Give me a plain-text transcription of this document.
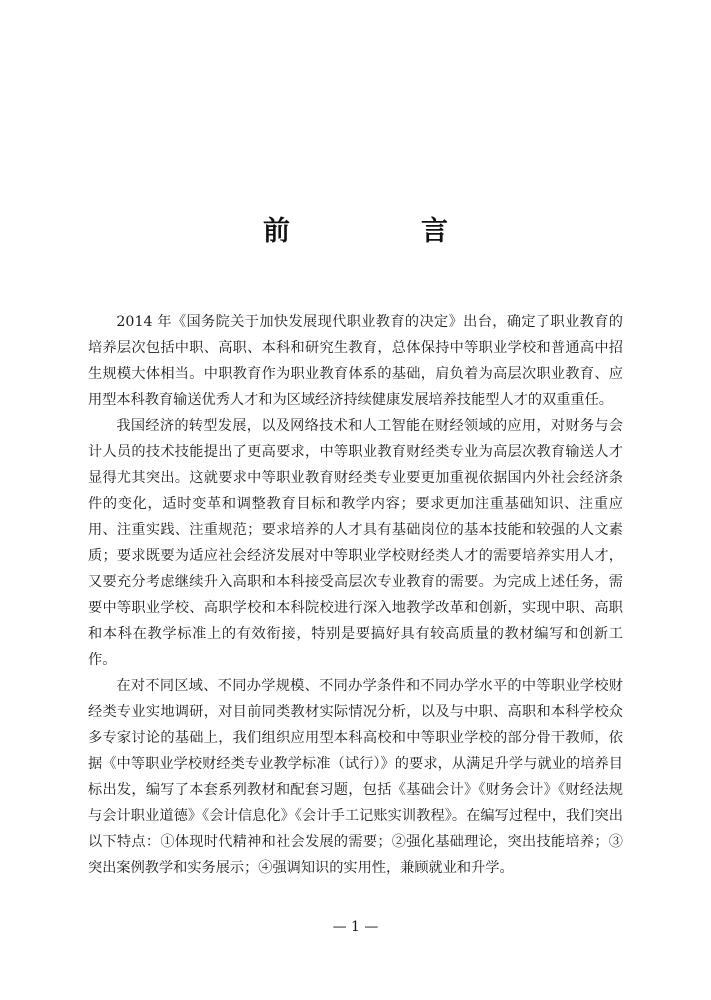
前　言

2014 年《国务院关于加快发展现代职业教育的决定》出台，确定了职业教育的培养层次包括中职、高职、本科和研究生教育，总体保持中等职业学校和普通高中招生规模大体相当。中职教育作为职业教育体系的基础，肩负着为高层次职业教育、应用型本科教育输送优秀人才和为区域经济持续健康发展培养技能型人才的双重重任。

我国经济的转型发展，以及网络技术和人工智能在财经领域的应用，对财务与会计人员的技术技能提出了更高要求，中等职业教育财经类专业为高层次教育输送人才显得尤其突出。这就要求中等职业教育财经类专业要更加重视依据国内外社会经济条件的变化，适时变革和调整教育目标和教学内容；要求更加注重基础知识、注重应用、注重实践、注重规范；要求培养的人才具有基础岗位的基本技能和较强的人文素质；要求既要为适应社会经济发展对中等职业学校财经类人才的需要培养实用人才，又要充分考虑继续升入高职和本科接受高层次专业教育的需要。为完成上述任务，需要中等职业学校、高职学校和本科院校进行深入地教学改革和创新，实现中职、高职和本科在教学标准上的有效衔接，特别是要搞好具有较高质量的教材编写和创新工作。

在对不同区域、不同办学规模、不同办学条件和不同办学水平的中等职业学校财经类专业实地调研，对目前同类教材实际情况分析，以及与中职、高职和本科学校众多专家讨论的基础上，我们组织应用型本科高校和中等职业学校的部分骨干教师，依据《中等职业学校财经类专业教学标准（试行）》的要求，从满足升学与就业的培养目标出发，编写了本套系列教材和配套习题，包括《基础会计》《财务会计》《财经法规与会计职业道德》《会计信息化》《会计手工记账实训教程》。在编写过程中，我们突出以下特点：①体现时代精神和社会发展的需要；②强化基础理论，突出技能培养；③突出案例教学和实务展示；④强调知识的实用性，兼顾就业和升学。

— 1 —
